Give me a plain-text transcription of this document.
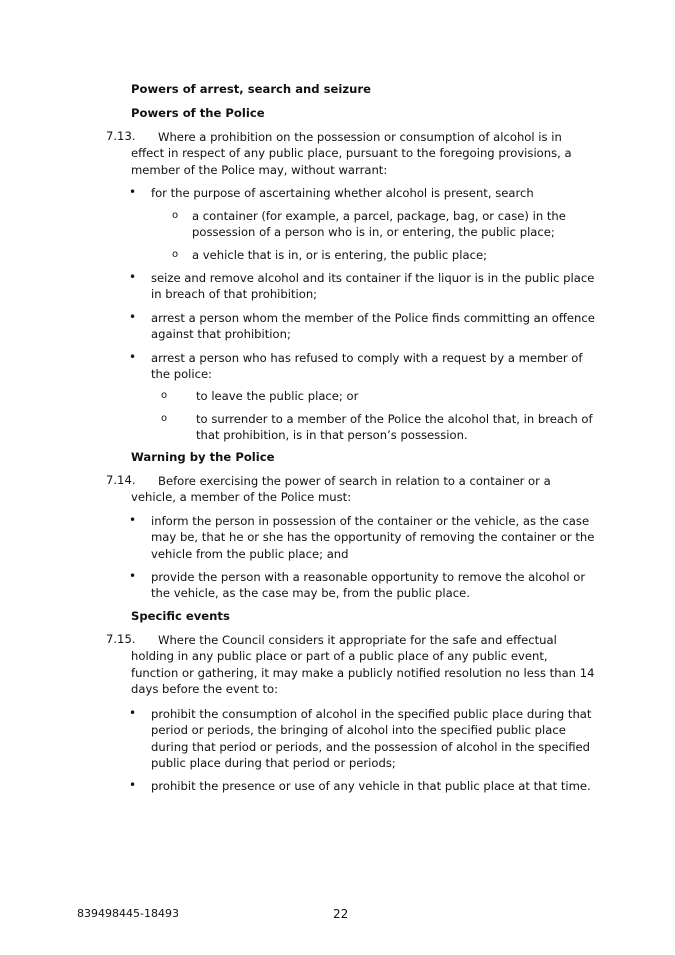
Powers of arrest, search and seizure
Powers of the Police
7.13.	Where a prohibition on the possession or consumption of alcohol is in effect in respect of any public place, pursuant to the foregoing provisions, a member of the Police may, without warrant:
• for the purpose of ascertaining whether alcohol is present, search
o a container (for example, a parcel, package, bag, or case) in the possession of a person who is in, or entering, the public place;
o a vehicle that is in, or is entering, the public place;
• seize and remove alcohol and its container if the liquor is in the public place in breach of that prohibition;
• arrest a person whom the member of the Police finds committing an offence against that prohibition;
• arrest a person who has refused to comply with a request by a member of the police:
o to leave the public place; or
o to surrender to a member of the Police the alcohol that, in breach of that prohibition, is in that person’s possession.
Warning by the Police
7.14.	Before exercising the power of search in relation to a container or a vehicle, a member of the Police must:
• inform the person in possession of the container or the vehicle, as the case may be, that he or she has the opportunity of removing the container or the vehicle from the public place; and
• provide the person with a reasonable opportunity to remove the alcohol or the vehicle, as the case may be, from the public place.
Specific events
7.15.	Where the Council considers it appropriate for the safe and effectual holding in any public place or part of a public place of any public event, function or gathering, it may make a publicly notified resolution no less than 14 days before the event to:
• prohibit the consumption of alcohol in the specified public place during that period or periods, the bringing of alcohol into the specified public place during that period or periods, and the possession of alcohol in the specified public place during that period or periods;
• prohibit the presence or use of any vehicle in that public place at that time.
839498445-18493	22
